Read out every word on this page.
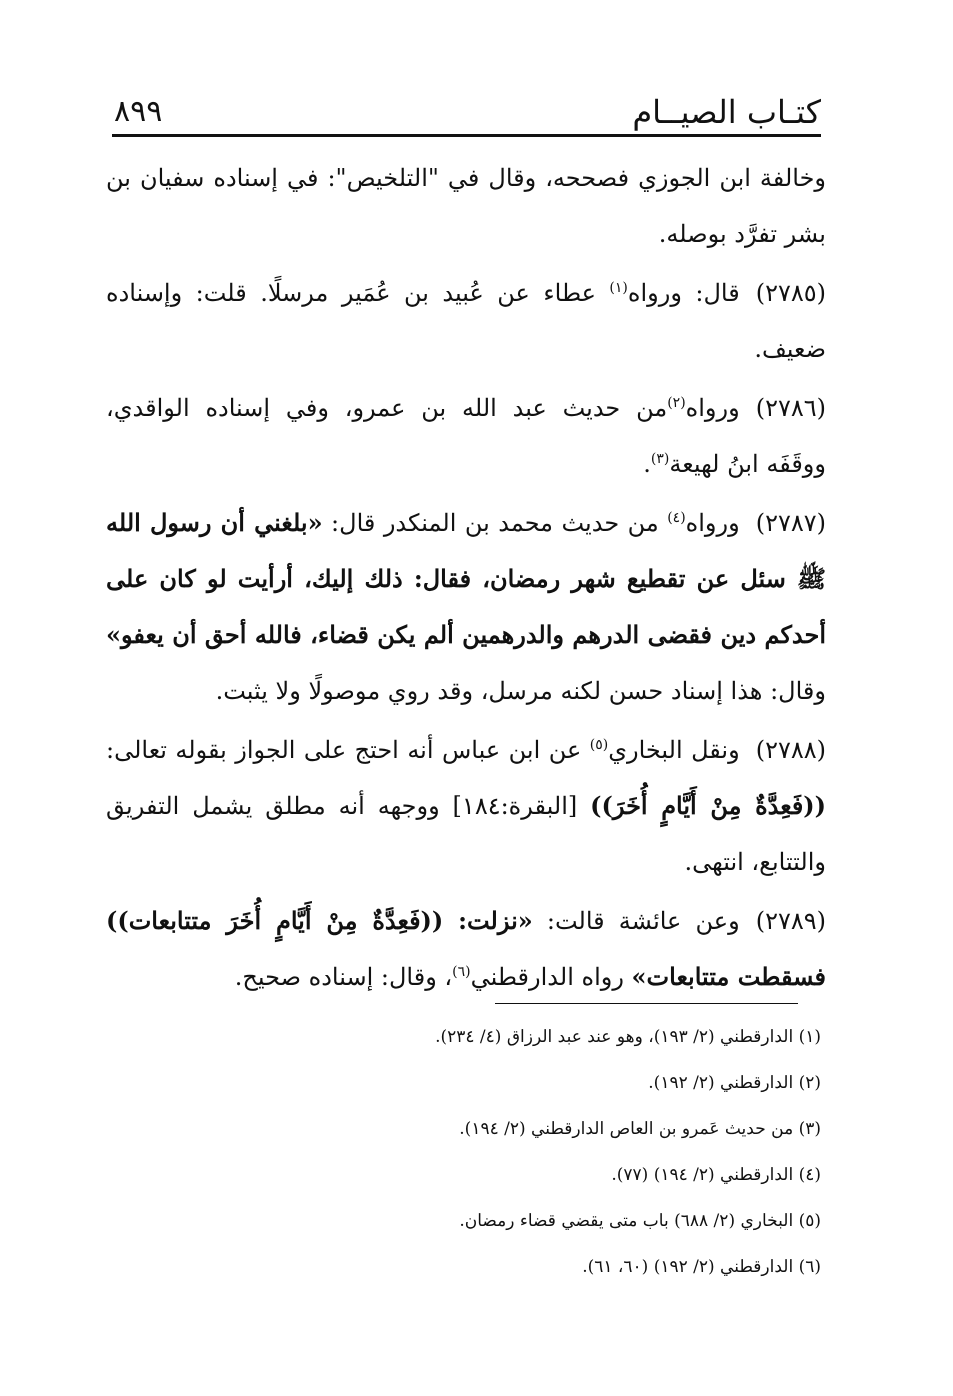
كتـاب الصيــام
٨٩٩

وخالفة ابن الجوزي فصححه، وقال في "التلخيص": في إسناده سفيان بن بشر تفرَّد بوصله.

(٢٧٨٥)قال: ورواه$^{(١)}$ عطاء عن عُبيد بن عُمَير مرسلًا. قلت: وإسناده ضعيف.

(٢٧٨٦)ورواه$^{(٢)}$من حديث عبد الله بن عمرو، وفي إسناده الواقدي، ووقَفَه ابنُ لهيعة$^{(٣)}$.

(٢٧٨٧)ورواه$^{(٤)}$ من حديث محمد بن المنكدر قال: «بلغني أن رسول الله ﷺ سئل عن تقطيع شهر رمضان، فقال: ذلك إليك، أرأيت لو كان على أحدكم دين فقضى الدرهم والدرهمين ألم يكن قضاء، فالله أحق أن يعفو» وقال: هذا إسناد حسن لكنه مرسل، وقد روي موصولًا ولا يثبت.

(٢٧٨٨)ونقل البخاري$^{(٥)}$ عن ابن عباس أنه احتج على الجواز بقوله تعالى: ((فَعِدَّةٌ مِنْ أَيَّامٍ أُخَرَ)) [البقرة:١٨٤] ووجهه أنه مطلق يشمل التفريق والتتابع، انتهى.

(٢٧٨٩)وعن عائشة قالت: «نزلت: ((فَعِدَّةٌ مِنْ أَيَّامٍ أُخَرَ متتابعات)) فسقطت متتابعات» رواه الدارقطني$^{(٦)}$، وقال: إسناده صحيح.

(١) الدارقطني (٢/ ١٩٣)، وهو عند عبد الرزاق (٤/ ٢٣٤).
(٢) الدارقطني (٢/ ١٩٢).
(٣) من حديث عَمرو بن العاص الدارقطني (٢/ ١٩٤).
(٤) الدارقطني (٢/ ١٩٤) (٧٧).
(٥) البخاري (٢/ ٦٨٨) باب متى يقضي قضاء رمضان.
(٦) الدارقطني (٢/ ١٩٢) (٦٠، ٦١).
